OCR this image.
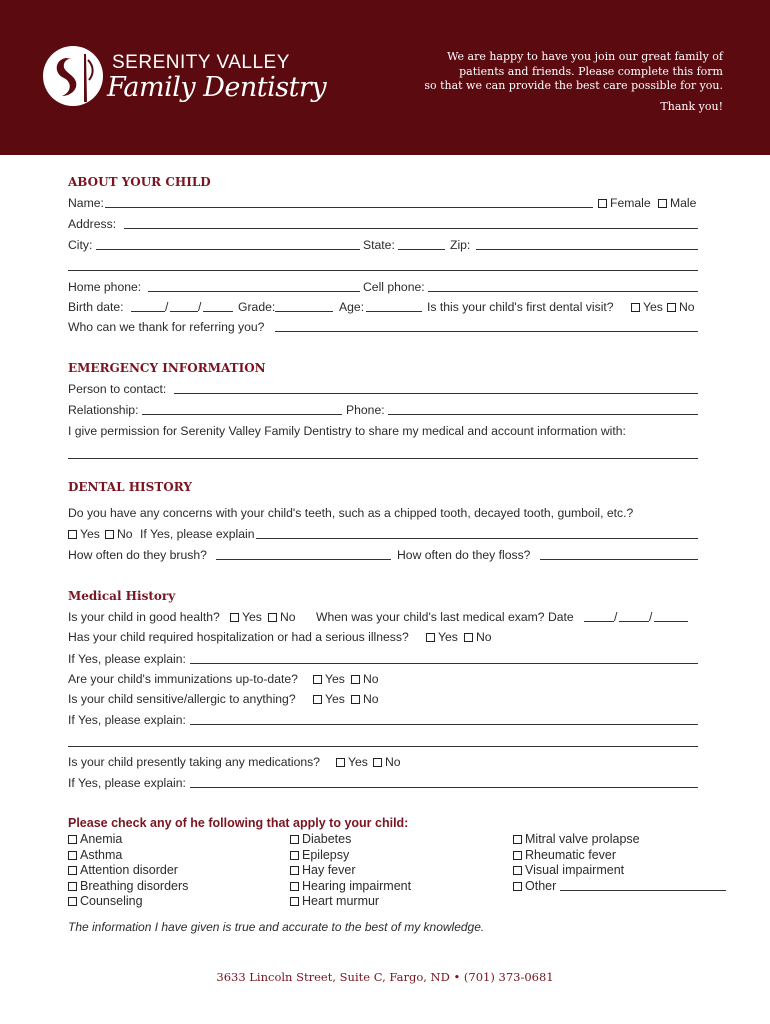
SERENITY VALLEY
Family Dentistry
We are happy to have you join our great family of
patients and friends. Please complete this form
so that we can provide the best care possible for you.
Thank you!
ABOUT YOUR CHILD
Name:	Female	Male
Address:
City:	State:	Zip:
Home phone:	Cell phone:
Birth date:	/ /	Grade:	Age:	Is this your child's first dental visit?	Yes	No
Who can we thank for referring you?
EMERGENCY INFORMATION
Person to contact:
Relationship:	Phone:
I give permission for Serenity Valley Family Dentistry to share my medical and account information with:
DENTAL HISTORY
Do you have any concerns with your child's teeth, such as a chipped tooth, decayed tooth, gumboil, etc.?
Yes	No If Yes, please explain
How often do they brush?	How often do they floss?
Medical History
Is your child in good health?	Yes	No When was your child's last medical exam? Date	/	/
Has your child required hospitalization or had a serious illness?	Yes	No
If Yes, please explain:
Are your child's immunizations up-to-date?	Yes	No
Is your child sensitive/allergic to anything?	Yes	No
If Yes, please explain:
Is your child presently taking any medications?	Yes	No
If Yes, please explain:
Please check any of he following that apply to your child:
Anemia
Asthma
Attention disorder
Breathing disorders
Counseling
Diabetes
Epilepsy
Hay fever
Hearing impairment
Heart murmur
Mitral valve prolapse
Rheumatic fever
Visual impairment
Other
The information I have given is true and accurate to the best of my knowledge.
3633 Lincoln Street, Suite C, Fargo, ND • (701) 373-0681
